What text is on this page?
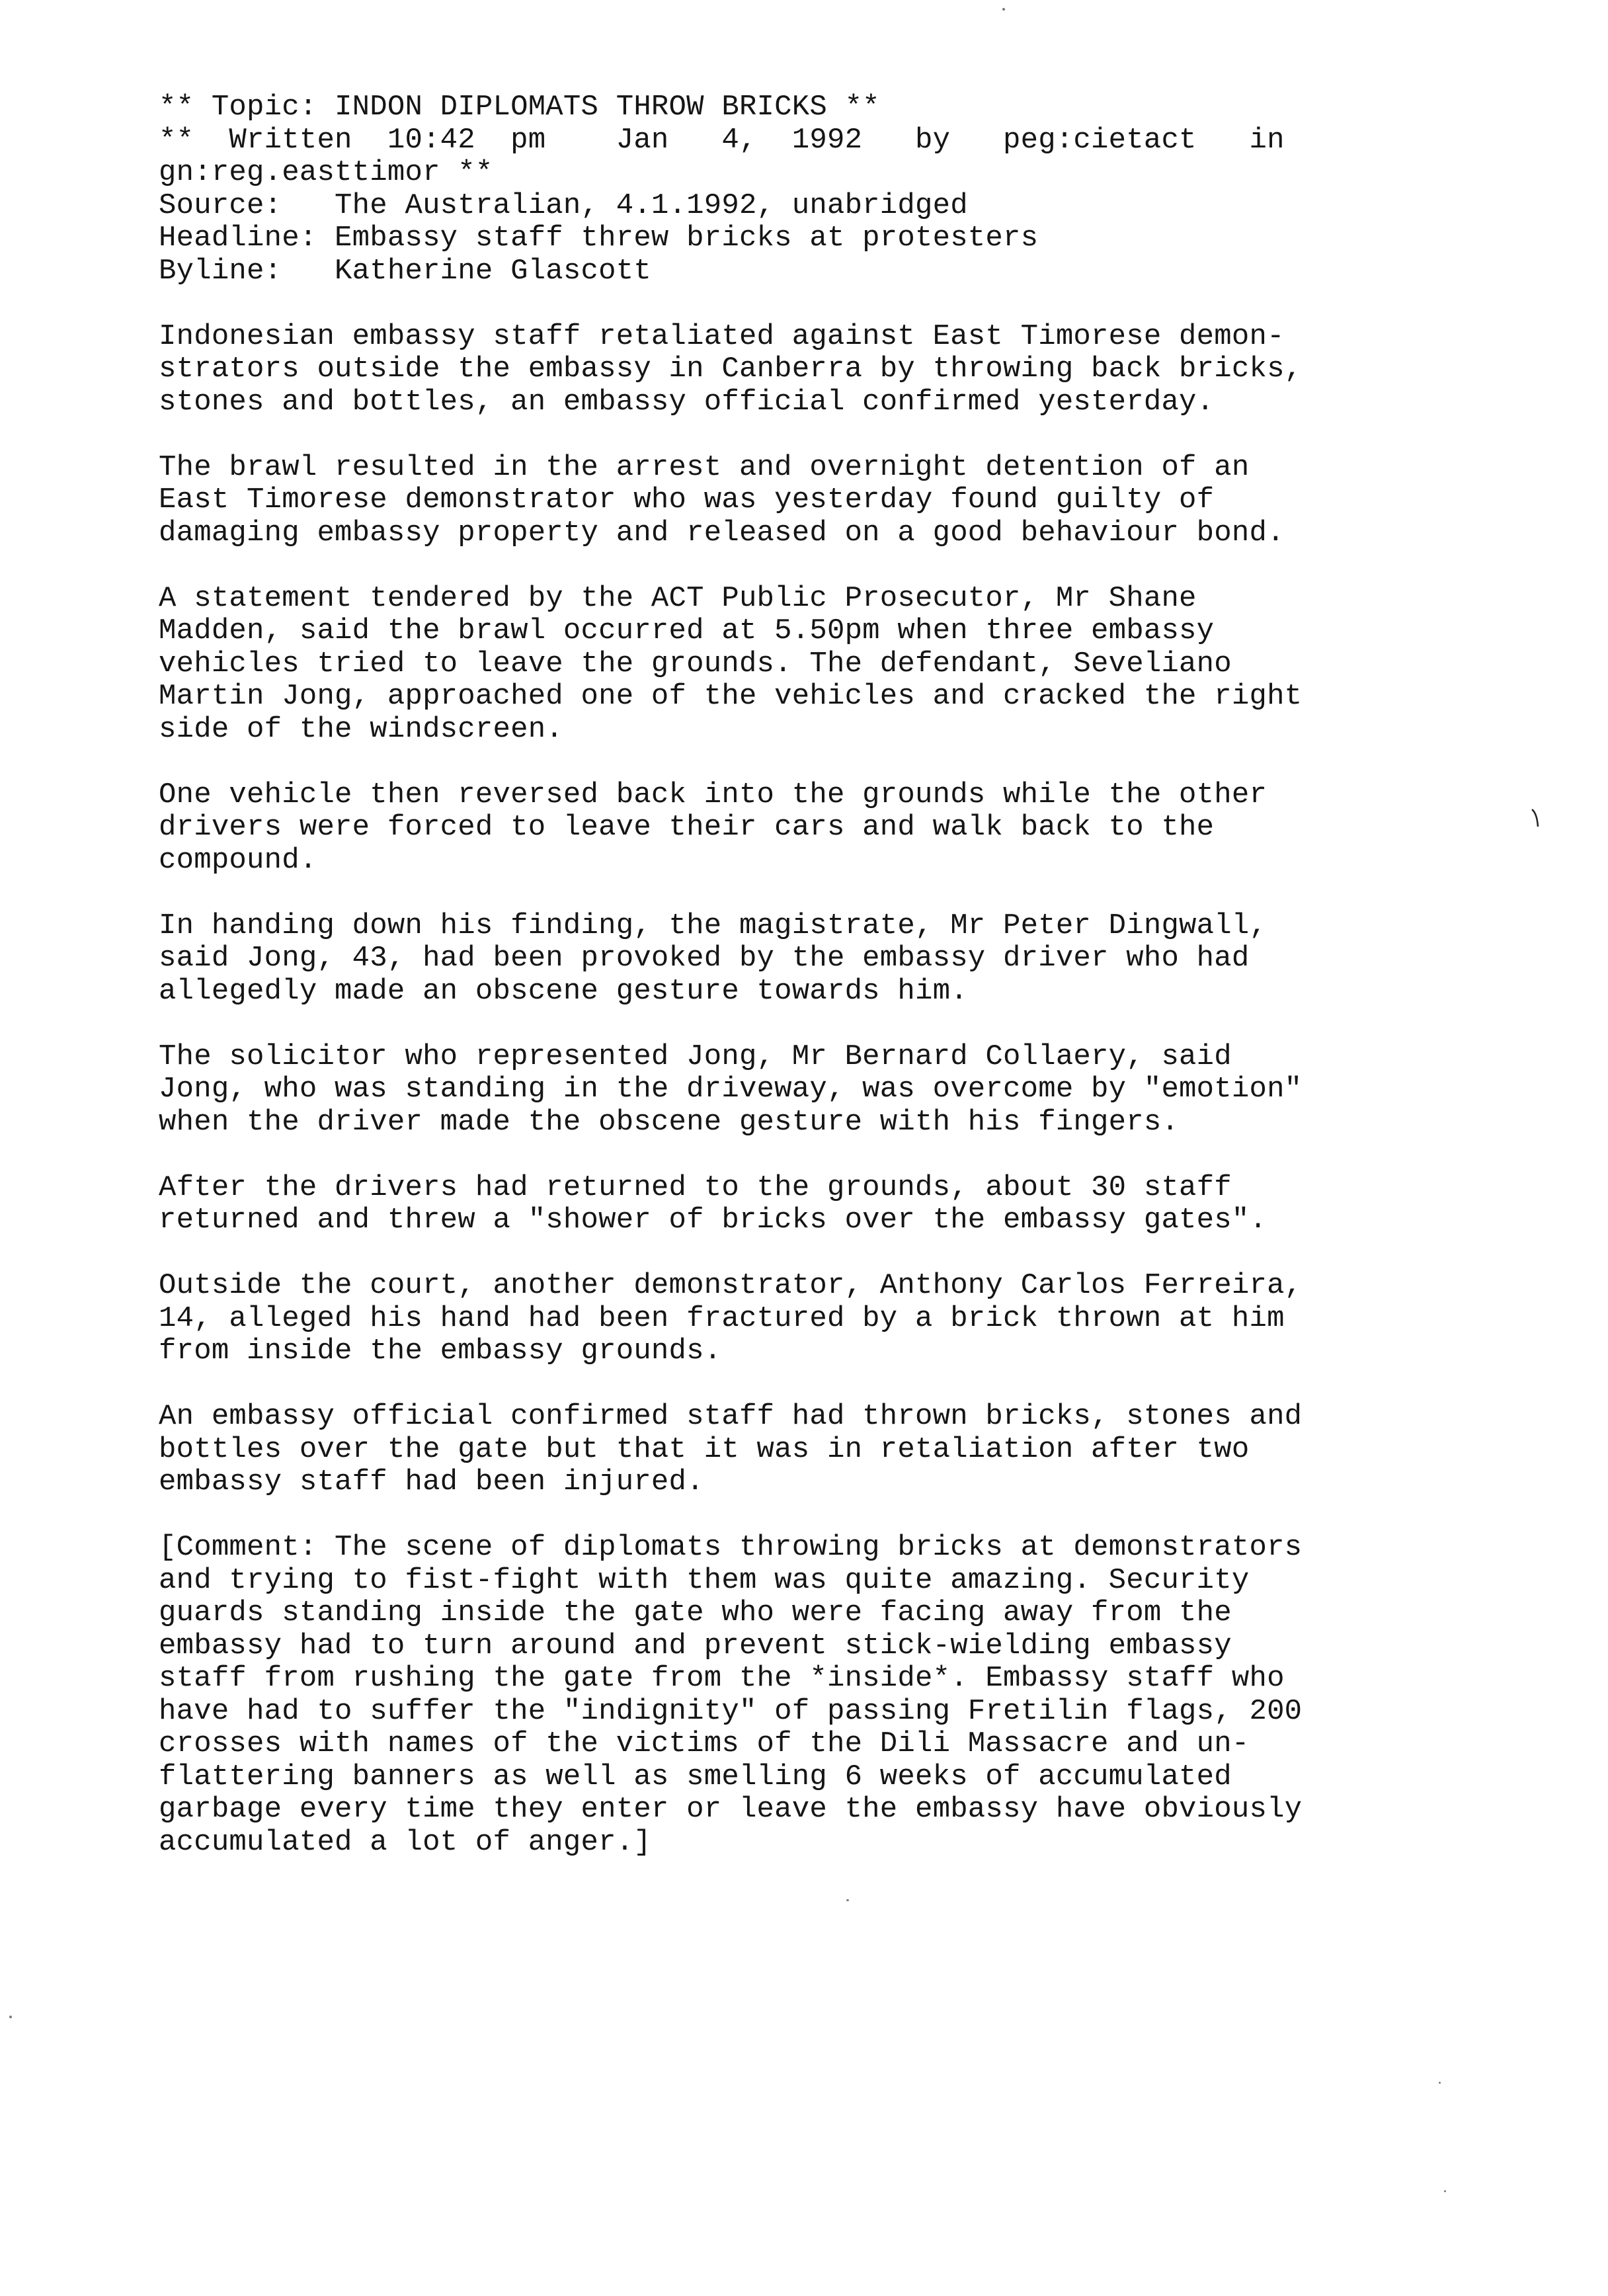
** Topic: INDON DIPLOMATS THROW BRICKS **
**  Written  10:42  pm    Jan   4,  1992   by   peg:cietact   in
gn:reg.easttimor **
Source:   The Australian, 4.1.1992, unabridged
Headline: Embassy staff threw bricks at protesters
Byline:   Katherine Glascott
Indonesian embassy staff retaliated against East Timorese demon-
strators outside the embassy in Canberra by throwing back bricks,
stones and bottles, an embassy official confirmed yesterday.
The brawl resulted in the arrest and overnight detention of an
East Timorese demonstrator who was yesterday found guilty of
damaging embassy property and released on a good behaviour bond.
A statement tendered by the ACT Public Prosecutor, Mr Shane
Madden, said the brawl occurred at 5.50pm when three embassy
vehicles tried to leave the grounds. The defendant, Seveliano
Martin Jong, approached one of the vehicles and cracked the right
side of the windscreen.
One vehicle then reversed back into the grounds while the other
drivers were forced to leave their cars and walk back to the
compound.
In handing down his finding, the magistrate, Mr Peter Dingwall,
said Jong, 43, had been provoked by the embassy driver who had
allegedly made an obscene gesture towards him.
The solicitor who represented Jong, Mr Bernard Collaery, said
Jong, who was standing in the driveway, was overcome by "emotion"
when the driver made the obscene gesture with his fingers.
After the drivers had returned to the grounds, about 30 staff
returned and threw a "shower of bricks over the embassy gates".
Outside the court, another demonstrator, Anthony Carlos Ferreira,
14, alleged his hand had been fractured by a brick thrown at him
from inside the embassy grounds.
An embassy official confirmed staff had thrown bricks, stones and
bottles over the gate but that it was in retaliation after two
embassy staff had been injured.
[Comment: The scene of diplomats throwing bricks at demonstrators
and trying to fist-fight with them was quite amazing. Security
guards standing inside the gate who were facing away from the
embassy had to turn around and prevent stick-wielding embassy
staff from rushing the gate from the *inside*. Embassy staff who
have had to suffer the "indignity" of passing Fretilin flags, 200
crosses with names of the victims of the Dili Massacre and un-
flattering banners as well as smelling 6 weeks of accumulated
garbage every time they enter or leave the embassy have obviously
accumulated a lot of anger.]
